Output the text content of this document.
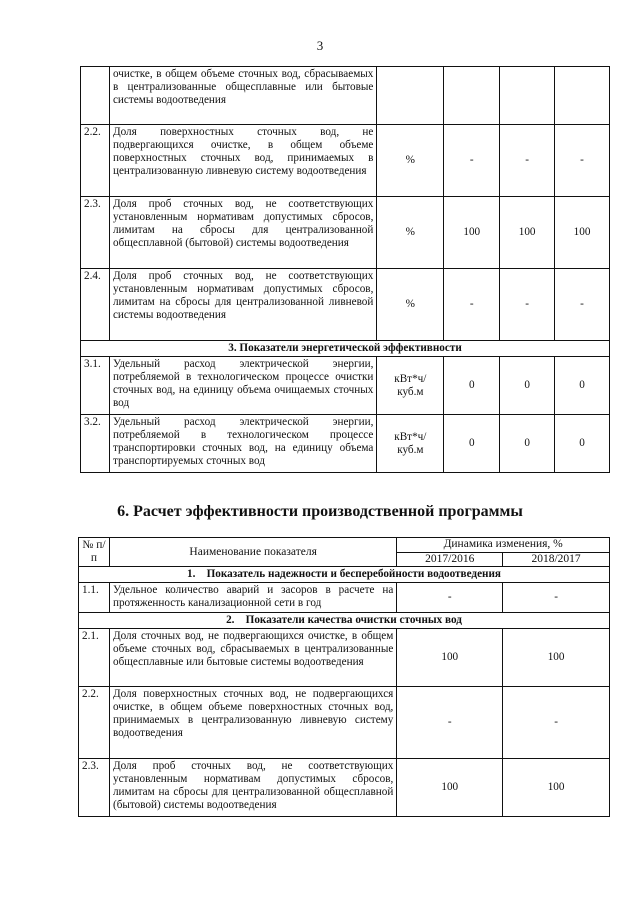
3
	очистке, в общем объеме сточных вод, сбрасываемых в централизованные общесплавные или бытовые системы водоотведения				
2.2.	Доля поверхностных сточных вод, не подвергающихся очистке, в общем объеме поверхностных сточных вод, принимаемых в централизованную ливневую систему водоотведения	%	-	-	-
2.3.	Доля проб сточных вод, не соответствующих установленным нормативам допустимых сбросов, лимитам на сбросы для централизованной общесплавной (бытовой) системы водоотведения	%	100	100	100
2.4.	Доля проб сточных вод, не соответствующих установленным нормативам допустимых сбросов, лимитам на сбросы для централизованной ливневой системы водоотведения	%	-	-	-
3. Показатели энергетической эффективности					
3.1.	Удельный расход электрической энергии, потребляемой в технологическом процессе очистки сточных вод, на единицу объема очищаемых сточных вод	кВт*ч/ куб.м	0	0	0
3.2.	Удельный расход электрической энергии, потребляемой в технологическом процессе транспортировки сточных вод, на единицу объема транспортируемых сточных вод	кВт*ч/ куб.м	0	0	0
6. Расчет эффективности производственной программы
№ п/п	Наименование показателя	Динамика изменения, %	
		2017/2016	2018/2017
1.    Показатель надежности и бесперебойности водоотведения			
1.1.	Удельное количество аварий и засоров в расчете на протяженность канализационной сети в год	-	-
2.    Показатели качества очистки сточных вод			
2.1.	Доля сточных вод, не подвергающихся очистке, в общем объеме сточных вод, сбрасываемых в централизованные общесплавные или бытовые системы водоотведения	100	100
2.2.	Доля поверхностных сточных вод, не подвергающихся очистке, в общем объеме поверхностных сточных вод, принимаемых в централизованную ливневую систему водоотведения	-	-
2.3.	Доля проб сточных вод, не соответствующих установленным нормативам допустимых сбросов, лимитам на сбросы для централизованной общесплавной (бытовой) системы водоотведения	100	100
